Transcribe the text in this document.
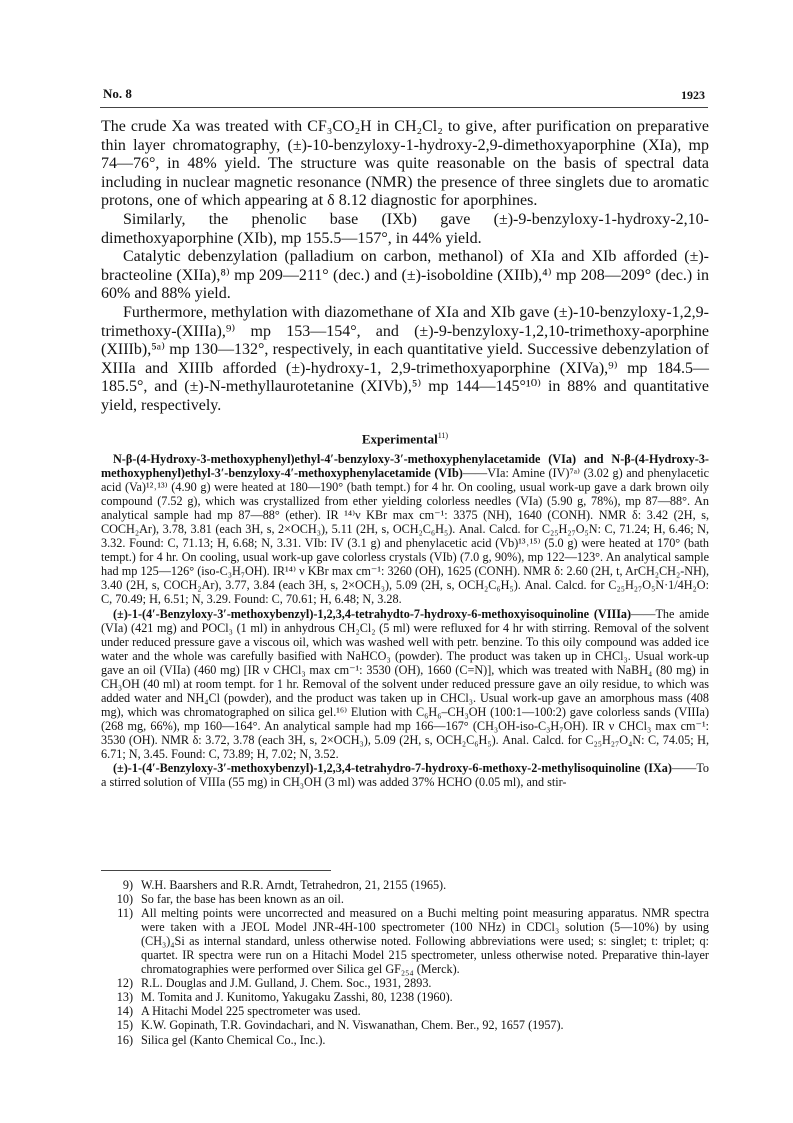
No. 8	1923

The crude Xa was treated with CF₃CO₂H in CH₂Cl₂ to give, after purification on preparative thin layer chromatography, (±)-10-benzyloxy-1-hydroxy-2,9-dimethoxyaporphine (XIa), mp 74—76°, in 48% yield. The structure was quite reasonable on the basis of spectral data including in nuclear magnetic resonance (NMR) the presence of three singlets due to aromatic protons, one of which appearing at δ 8.12 diagnostic for aporphines.

Similarly, the phenolic base (IXb) gave (±)-9-benzyloxy-1-hydroxy-2,10-dimethoxyaporphine (XIb), mp 155.5—157°, in 44% yield.

Catalytic debenzylation (palladium on carbon, methanol) of XIa and XIb afforded (±)-bracteoline (XIIa),⁸⁾ mp 209—211° (dec.) and (±)-isoboldine (XIIb),⁴⁾ mp 208—209° (dec.) in 60% and 88% yield.

Furthermore, methylation with diazomethane of XIa and XIb gave (±)-10-benzyloxy-1,2,9-trimethoxy-(XIIIa),⁹⁾ mp 153—154°, and (±)-9-benzyloxy-1,2,10-trimethoxy-aporphine (XIIIb),⁵ᵃ⁾ mp 130—132°, respectively, in each quantitative yield. Successive debenzylation of XIIIa and XIIIb afforded (±)-hydroxy-1, 2,9-trimethoxyaporphine (XIVa),⁹⁾ mp 184.5—185.5°, and (±)-N-methyllaurotetanine (XIVb),⁵⁾ mp 144—145°¹⁰⁾ in 88% and quantitative yield, respectively.

Experimental$^{11)}$

N-β-(4-Hydroxy-3-methoxyphenyl)ethyl-4′-benzyloxy-3′-methoxyphenylacetamide (VIa) and N-β-(4-Hydroxy-3-methoxyphenyl)ethyl-3′-benzyloxy-4′-methoxyphenylacetamide (VIb)——VIa: Amine (IV)⁷ᵃ⁾ (3.02 g) and phenylacetic acid (Va)¹²˒¹³⁾ (4.90 g) were heated at 180—190° (bath tempt.) for 4 hr. On cooling, usual work-up gave a dark brown oily compound (7.52 g), which was crystallized from ether yielding colorless needles (VIa) (5.90 g, 78%), mp 87—88°. An analytical sample had mp 87—88° (ether). IR ¹⁴⁾ν KBr max cm⁻¹: 3375 (NH), 1640 (CONH). NMR δ: 3.42 (2H, s, COCH₂Ar), 3.78, 3.81 (each 3H, s, 2×OCH₃), 5.11 (2H, s, OCH₂C₆H₅). Anal. Calcd. for C₂₅H₂₇O₅N: C, 71.24; H, 6.46; N, 3.32. Found: C, 71.13; H, 6.68; N, 3.31. VIb: IV (3.1 g) and phenylacetic acid (Vb)¹³˒¹⁵⁾ (5.0 g) were heated at 170° (bath tempt.) for 4 hr. On cooling, usual work-up gave colorless crystals (VIb) (7.0 g, 90%), mp 122—123°. An analytical sample had mp 125—126° (iso-C₃H₇OH). IR¹⁴⁾ ν KBr max cm⁻¹: 3260 (OH), 1625 (CONH). NMR δ: 2.60 (2H, t, ArCH₂CH₂-NH), 3.40 (2H, s, COCH₂Ar), 3.77, 3.84 (each 3H, s, 2×OCH₃), 5.09 (2H, s, OCH₂C₆H₅). Anal. Calcd. for C₂₅H₂₇O₅N·1/4H₂O: C, 70.49; H, 6.51; N, 3.29. Found: C, 70.61; H, 6.48; N, 3.28.

(±)-1-(4′-Benzyloxy-3′-methoxybenzyl)-1,2,3,4-tetrahydto-7-hydroxy-6-methoxyisoquinoline (VIIIa)——The amide (VIa) (421 mg) and POCl₃ (1 ml) in anhydrous CH₂Cl₂ (5 ml) were refluxed for 4 hr with stirring. Removal of the solvent under reduced pressure gave a viscous oil, which was washed well with petr. benzine. To this oily compound was added ice water and the whole was carefully basified with NaHCO₃ (powder). The product was taken up in CHCl₃. Usual work-up gave an oil (VIIa) (460 mg) [IR ν CHCl₃ max cm⁻¹: 3530 (OH), 1660 (C=N)], which was treated with NaBH₄ (80 mg) in CH₃OH (40 ml) at room tempt. for 1 hr. Removal of the solvent under reduced pressure gave an oily residue, to which was added water and NH₄Cl (powder), and the product was taken up in CHCl₃. Usual work-up gave an amorphous mass (408 mg), which was chromatographed on silica gel.¹⁶⁾ Elution with C₆H₆–CH₃OH (100:1—100:2) gave colorless sands (VIIIa) (268 mg, 66%), mp 160—164°. An analytical sample had mp 166—167° (CH₃OH-iso-C₃H₇OH). IR ν CHCl₃ max cm⁻¹: 3530 (OH). NMR δ: 3.72, 3.78 (each 3H, s, 2×OCH₃), 5.09 (2H, s, OCH₂C₆H₅). Anal. Calcd. for C₂₅H₂₇O₄N: C, 74.05; H, 6.71; N, 3.45. Found: C, 73.89; H, 7.02; N, 3.52.

(±)-1-(4′-Benzyloxy-3′-methoxybenzyl)-1,2,3,4-tetrahydro-7-hydroxy-6-methoxy-2-methylisoquinoline (IXa)——To a stirred solution of VIIIa (55 mg) in CH₃OH (3 ml) was added 37% HCHO (0.05 ml), and stir-

9) W.H. Baarshers and R.R. Arndt, Tetrahedron, 21, 2155 (1965).
10) So far, the base has been known as an oil.
11) All melting points were uncorrected and measured on a Buchi melting point measuring apparatus. NMR spectra were taken with a JEOL Model JNR-4H-100 spectrometer (100 NHz) in CDCl₃ solution (5—10%) by using (CH₃)₄Si as internal standard, unless otherwise noted. Following abbreviations were used; s: singlet; t: triplet; q: quartet. IR spectra were run on a Hitachi Model 215 spectrometer, unless otherwise noted. Preparative thin-layer chromatographies were performed over Silica gel GF₂₅₄ (Merck).
12) R.L. Douglas and J.M. Gulland, J. Chem. Soc., 1931, 2893.
13) M. Tomita and J. Kunitomo, Yakugaku Zasshi, 80, 1238 (1960).
14) A Hitachi Model 225 spectrometer was used.
15) K.W. Gopinath, T.R. Govindachari, and N. Viswanathan, Chem. Ber., 92, 1657 (1957).
16) Silica gel (Kanto Chemical Co., Inc.).
